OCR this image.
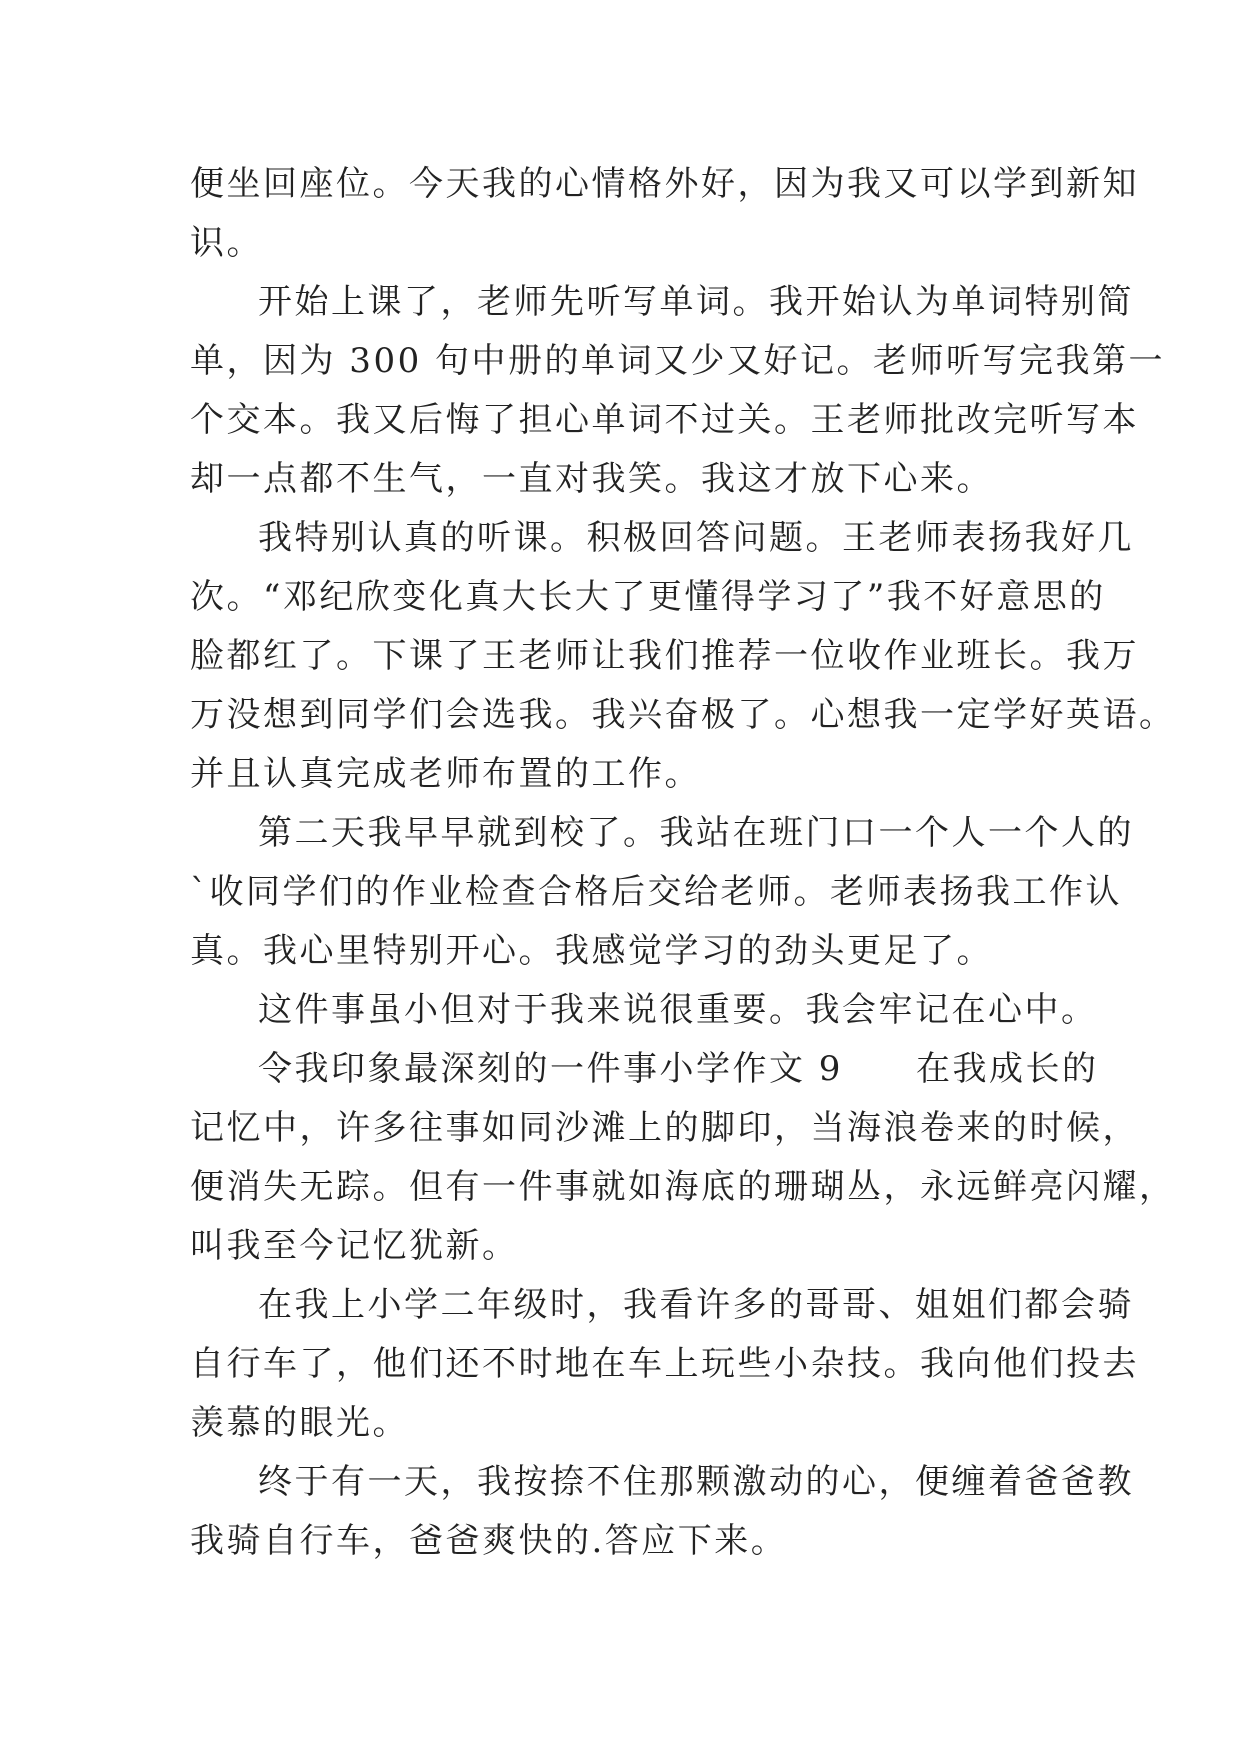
便坐回座位。今天我的心情格外好，因为我又可以学到新知
识。
开始上课了，老师先听写单词。我开始认为单词特别简
单，因为 300 句中册的单词又少又好记。老师听写完我第一
个交本。我又后悔了担心单词不过关。王老师批改完听写本
却一点都不生气，一直对我笑。我这才放下心来。
我特别认真的听课。积极回答问题。王老师表扬我好几
次。“邓纪欣变化真大长大了更懂得学习了”我不好意思的
脸都红了。下课了王老师让我们推荐一位收作业班长。我万
万没想到同学们会选我。我兴奋极了。心想我一定学好英语。
并且认真完成老师布置的工作。
第二天我早早就到校了。我站在班门口一个人一个人的
`收同学们的作业检查合格后交给老师。老师表扬我工作认
真。我心里特别开心。我感觉学习的劲头更足了。
这件事虽小但对于我来说很重要。我会牢记在心中。
令我印象最深刻的一件事小学作文 9　　在我成长的
记忆中，许多往事如同沙滩上的脚印，当海浪卷来的时候，
便消失无踪。但有一件事就如海底的珊瑚丛，永远鲜亮闪耀，
叫我至今记忆犹新。
在我上小学二年级时，我看许多的哥哥、姐姐们都会骑
自行车了，他们还不时地在车上玩些小杂技。我向他们投去
羡慕的眼光。
终于有一天，我按捺不住那颗激动的心，便缠着爸爸教
我骑自行车，爸爸爽快的.答应下来。
